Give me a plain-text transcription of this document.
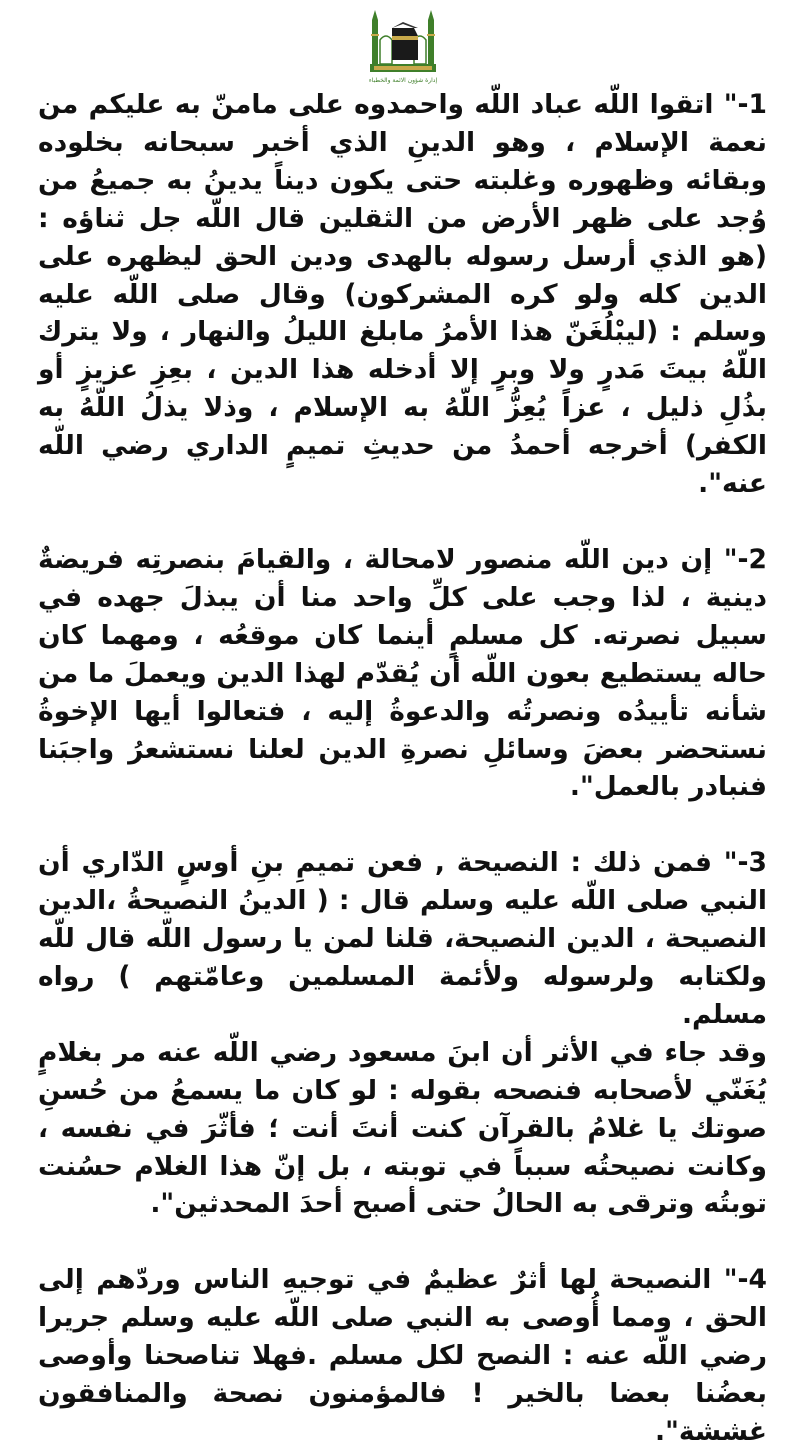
إدارة شؤون الائمة والخطباء

1-" اتقوا اللّه عباد اللّه واحمدوه على مامنّ به عليكم من نعمة الإسلام ، وهو الدينِ الذي أخبر سبحانه بخلوده وبقائه وظهوره وغلبته حتى يكون ديناً يدينُ به جميعُ من وُجد على ظهر الأرض من الثقلين قال اللّه جل ثناؤه : (هو الذي أرسل رسوله بالهدى ودين الحق ليظهره على الدين كله ولو كره المشركون) وقال صلى اللّه عليه وسلم : (ليبْلُغَنّ هذا الأمرُ مابلغ الليلُ والنهار ، ولا يترك اللّهُ بيتَ مَدرٍ ولا وبرٍ إلا أدخله هذا الدين ، بعِزِ عزيزٍ أو بذُلِ ذليل ، عزاً يُعِزُّ اللّهُ به الإسلام ، وذلا يذلُ اللّهُ به الكفر) أخرجه أحمدُ من حديثِ تميمٍ الداري رضي اللّه عنه".

2-" إن دين اللّه منصور لامحالة ، والقيامَ بنصرتِه فريضةٌ دينية ، لذا وجب على كلِّ واحد منا أن يبذلَ جهده في سبيل نصرته. كل مسلمٍ أينما كان موقعُه ، ومهما كان حاله يستطيع بعون اللّه أن يُقدّم لهذا الدين ويعملَ ما من شأنه تأييدُه ونصرتُه والدعوةُ إليه ، فتعالوا أيها الإخوةُ نستحضر بعضَ وسائلِ نصرةِ الدين لعلنا نستشعرُ واجبَنا فنبادر بالعمل".

3-" فمن ذلك : النصيحة , فعن تميمِ بنِ أوسٍ الدّاري أن النبي صلى اللّه عليه وسلم قال : ( الدينُ النصيحةُ ،الدين النصيحة ، الدين النصيحة، قلنا لمن يا رسول اللّه قال للّه ولكتابه ولرسوله ولأئمة المسلمين وعامّتهم ) رواه مسلم.
وقد جاء في الأثر أن ابنَ مسعود رضي اللّه عنه مر بغلامٍ يُغَنّي لأصحابه فنصحه بقوله : لو كان ما يسمعُ من حُسنِ صوتك يا غلامُ بالقرآن كنت أنتَ أنت ؛ فأثّرَ في نفسه ، وكانت نصيحتُه سبباً في توبته ، بل إنّ هذا الغلام حسُنت توبتُه وترقى به الحالُ حتى أصبح أحدَ المحدثين".

4-" النصيحة لها أثرٌ عظيمٌ في توجيهِ الناس وردّهم إلى الحق ، ومما أُوصى به النبي صلى اللّه عليه وسلم جريرا رضي اللّه عنه : النصح لكل مسلم .فهلا تناصحنا وأوصى بعضُنا بعضا بالخير ! فالمؤمنون نصحة والمنافقون غششة".
